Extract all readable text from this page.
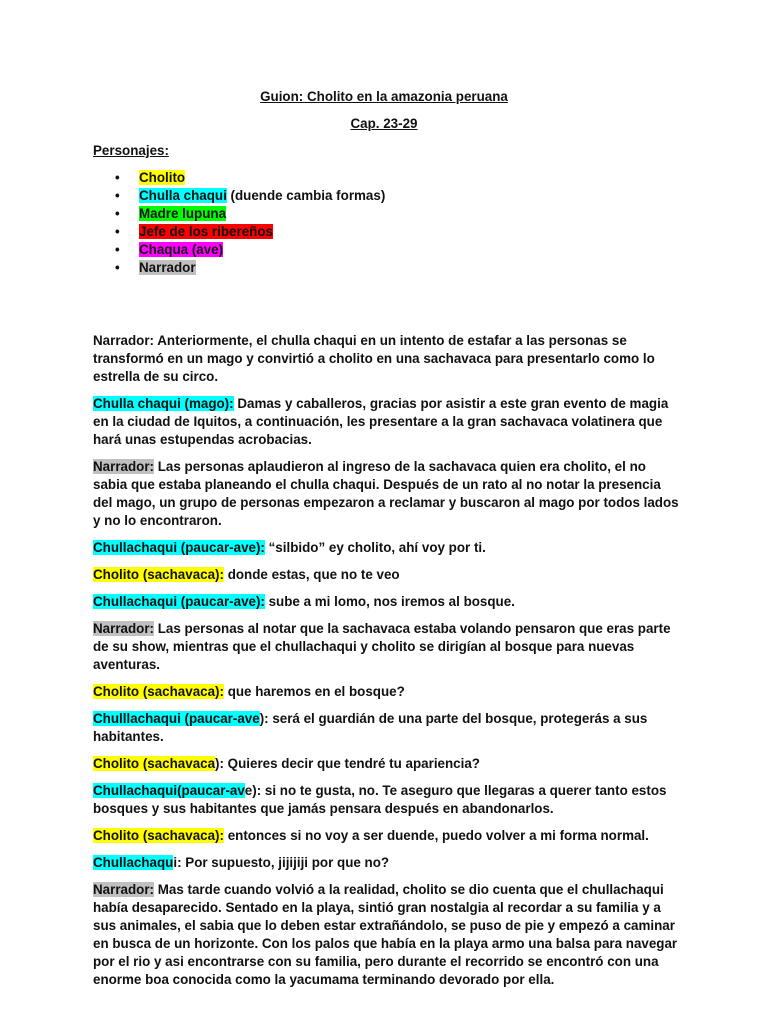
Guion: Cholito en la amazonia peruana
Cap. 23-29
Personajes:
• Cholito
• Chulla chaqui (duende cambia formas)
• Madre lupuna
• Jefe de los ribereños
• Chaqua (ave)
• Narrador

Narrador: Anteriormente, el chulla chaqui en un intento de estafar a las personas se transformó en un mago y convirtió a cholito en una sachavaca para presentarlo como lo estrella de su circo.

Chulla chaqui (mago): Damas y caballeros, gracias por asistir a este gran evento de magia en la ciudad de Iquitos, a continuación, les presentare a la gran sachavaca volatinera que hará unas estupendas acrobacias.

Narrador: Las personas aplaudieron al ingreso de la sachavaca quien era cholito, el no sabia que estaba planeando el chulla chaqui. Después de un rato al no notar la presencia del mago, un grupo de personas empezaron a reclamar y buscaron al mago por todos lados y no lo encontraron.

Chullachaqui (paucar-ave): “silbido” ey cholito, ahí voy por ti.

Cholito (sachavaca): donde estas, que no te veo

Chullachaqui (paucar-ave): sube a mi lomo, nos iremos al bosque.

Narrador: Las personas al notar que la sachavaca estaba volando pensaron que eras parte de su show, mientras que el chullachaqui y cholito se dirigían al bosque para nuevas aventuras.

Cholito (sachavaca): que haremos en el bosque?

Chulllachaqui (paucar-ave): será el guardián de una parte del bosque, protegerás a sus habitantes.

Cholito (sachavaca): Quieres decir que tendré tu apariencia?

Chullachaqui(paucar-ave): si no te gusta, no. Te aseguro que llegaras a querer tanto estos bosques y sus habitantes que jamás pensara después en abandonarlos.

Cholito (sachavaca): entonces si no voy a ser duende, puedo volver a mi forma normal.

Chullachaqui: Por supuesto, jijijiji por que no?

Narrador: Mas tarde cuando volvió a la realidad, cholito se dio cuenta que el chullachaqui había desaparecido. Sentado en la playa, sintió gran nostalgia al recordar a su familia y a sus animales, el sabia que lo deben estar extrañándolo, se puso de pie y empezó a caminar en busca de un horizonte. Con los palos que había en la playa armo una balsa para navegar por el rio y asi encontrarse con su familia, pero durante el recorrido se encontró con una enorme boa conocida como la yacumama terminando devorado por ella.
